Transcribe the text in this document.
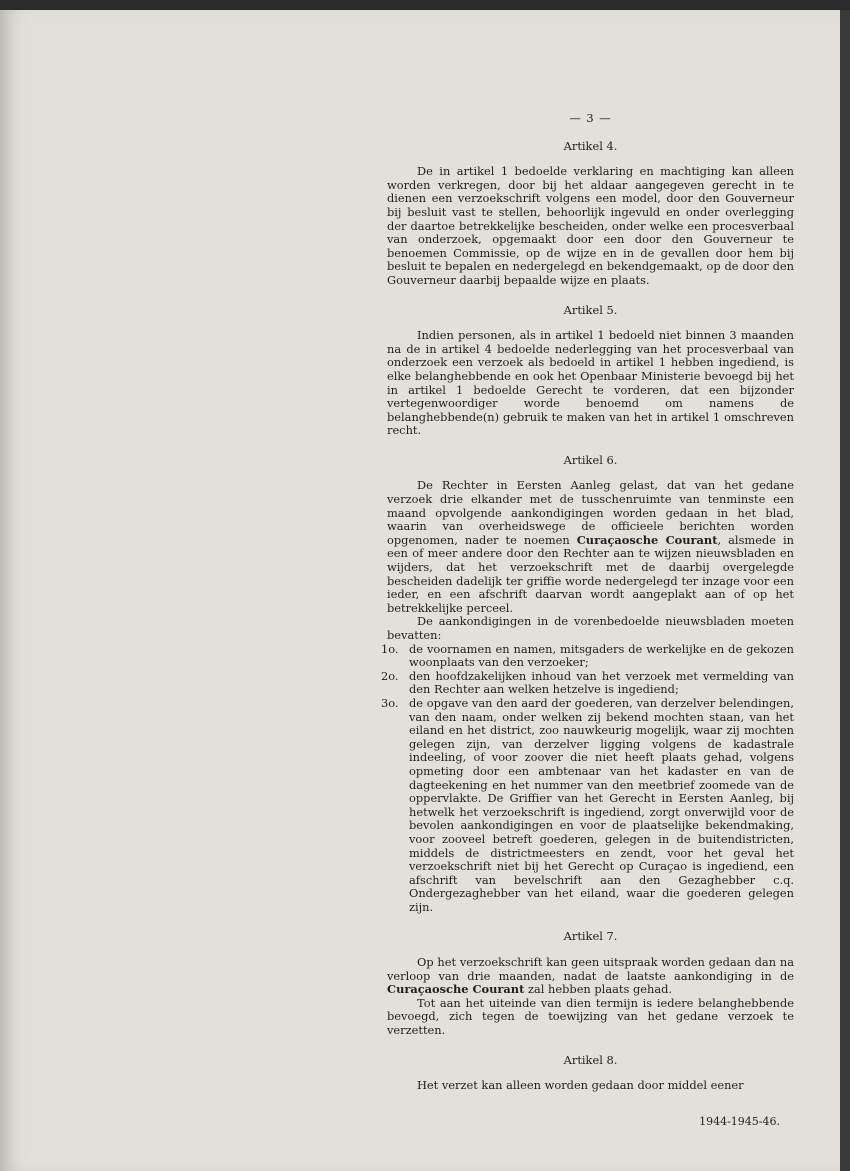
— 3 —
Artikel 4.

De in artikel 1 bedoelde verklaring en machtiging kan alleen worden verkregen, door bij het aldaar aangegeven gerecht in te dienen een verzoekschrift volgens een model, door den Gouverneur bij besluit vast te stellen, behoorlijk ingevuld en onder overlegging der daartoe betrekkelijke bescheiden, onder welke een procesverbaal van onderzoek, opgemaakt door een door den Gouverneur te benoemen Commissie, op de wijze en in de gevallen door hem bij besluit te bepalen en nedergelegd en bekendgemaakt, op de door den Gouverneur daarbij bepaalde wijze en plaats.

Artikel 5.

Indien personen, als in artikel 1 bedoeld niet binnen 3 maanden na de in artikel 4 bedoelde nederlegging van het procesverbaal van onderzoek een verzoek als bedoeld in artikel 1 hebben ingediend, is elke belanghebbende en ook het Openbaar Ministerie bevoegd bij het in artikel 1 bedoelde Gerecht te vorderen, dat een bijzonder vertegenwoordiger worde benoemd om namens de belanghebbende(n) gebruik te maken van het in artikel 1 omschreven recht.

Artikel 6.

De Rechter in Eersten Aanleg gelast, dat van het gedane verzoek drie elkander met de tusschenruimte van tenminste een maand opvolgende aankondigingen worden gedaan in het blad, waarin van overheidswege de officieele berichten worden opgenomen, nader te noemen Curaçaosche Courant, alsmede in een of meer andere door den Rechter aan te wijzen nieuwsbladen en wijders, dat het verzoekschrift met de daarbij overgelegde bescheiden dadelijk ter griffie worde nedergelegd ter inzage voor een ieder, en een afschrift daarvan wordt aangeplakt aan of op het betrekkelijke perceel.

De aankondigingen in de vorenbedoelde nieuwsbladen moeten bevatten:

1o. de voornamen en namen, mitsgaders de werkelijke en de gekozen woonplaats van den verzoeker;
2o. den hoofdzakelijken inhoud van het verzoek met vermelding van den Rechter aan welken hetzelve is ingediend;
3o. de opgave van den aard der goederen, van derzelver belendingen, van den naam, onder welken zij bekend mochten staan, van het eiland en het district, zoo nauwkeurig mogelijk, waar zij mochten gelegen zijn, van derzelver ligging volgens de kadastrale indeeling, of voor zoover die niet heeft plaats gehad, volgens opmeting door een ambtenaar van het kadaster en van de dagteekening en het nummer van den meetbrief zoomede van de oppervlakte. De Griffier van het Gerecht in Eersten Aanleg, bij hetwelk het verzoekschrift is ingediend, zorgt onverwijld voor de bevolen aankondigingen en voor de plaatselijke bekendmaking, voor zooveel betreft goederen, gelegen in de buitendistricten, middels de districtmeesters en zendt, voor het geval het verzoekschrift niet bij het Gerecht op Curaçao is ingediend, een afschrift van bevelschrift aan den Gezaghebber c.q. Ondergezaghebber van het eiland, waar die goederen gelegen zijn.
Artikel 7.

Op het verzoekschrift kan geen uitspraak worden gedaan dan na verloop van drie maanden, nadat de laatste aankondiging in de Curaçaosche Courant zal hebben plaats gehad.

Tot aan het uiteinde van dien termijn is iedere belanghebbende bevoegd, zich tegen de toewijzing van het gedane verzoek te verzetten.

Artikel 8.

Het verzet kan alleen worden gedaan door middel eener

1944-1945-46.
